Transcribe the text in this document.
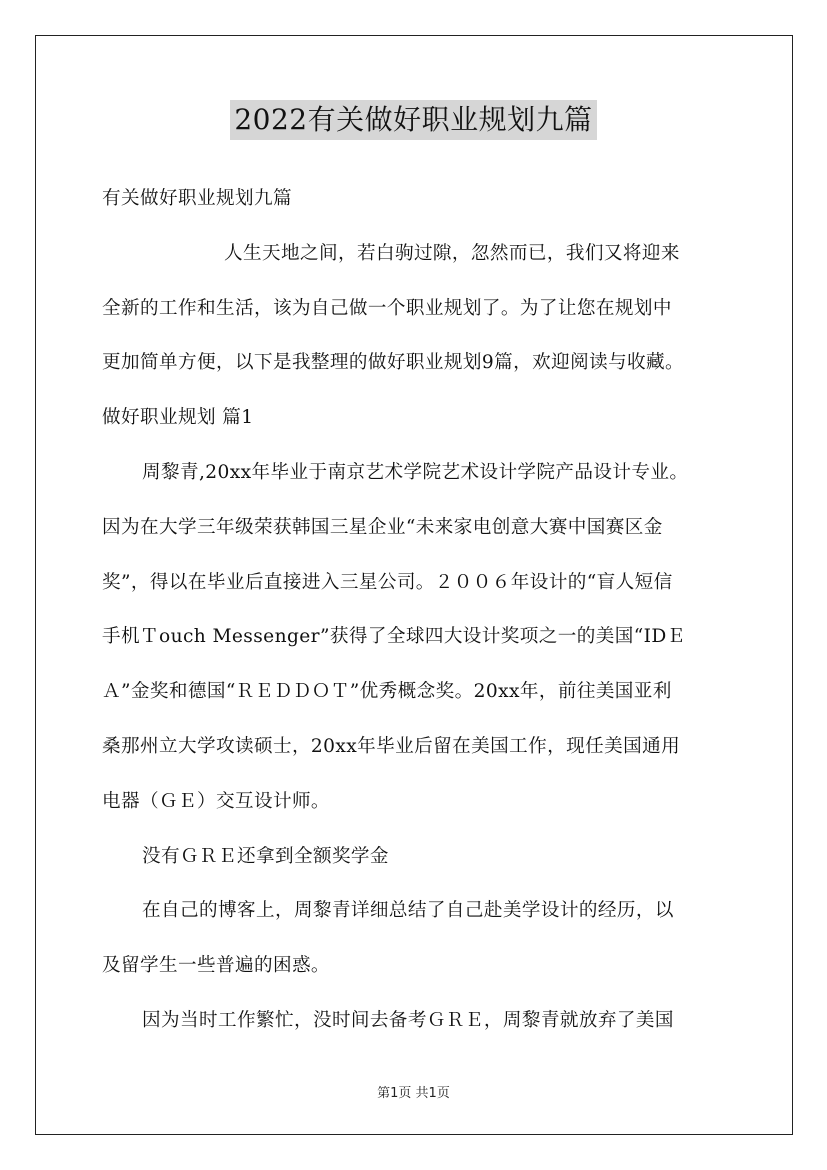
2022有关做好职业规划九篇
有关做好职业规划九篇
人生天地之间，若白驹过隙，忽然而已，我们又将迎来
全新的工作和生活，该为自己做一个职业规划了。为了让您在规划中
更加简单方便，以下是我整理的做好职业规划9篇，欢迎阅读与收藏。
做好职业规划 篇1
周黎青,20xx年毕业于南京艺术学院艺术设计学院产品设计专业。
因为在大学三年级荣获韩国三星企业“未来家电创意大赛中国赛区金
奖”，得以在毕业后直接进入三星公司。２００６年设计的“盲人短信
手机Ｔouch Messenger”获得了全球四大设计奖项之一的美国“IDＥ
Ａ”金奖和德国“ＲＥＤＤＯＴ”优秀概念奖。20xx年，前往美国亚利
桑那州立大学攻读硕士，20xx年毕业后留在美国工作，现任美国通用
电器（ＧＥ）交互设计师。
没有ＧＲＥ还拿到全额奖学金
在自己的博客上，周黎青详细总结了自己赴美学设计的经历，以
及留学生一些普遍的困惑。
因为当时工作繁忙，没时间去备考ＧＲＥ，周黎青就放弃了美国
第1页 共1页
